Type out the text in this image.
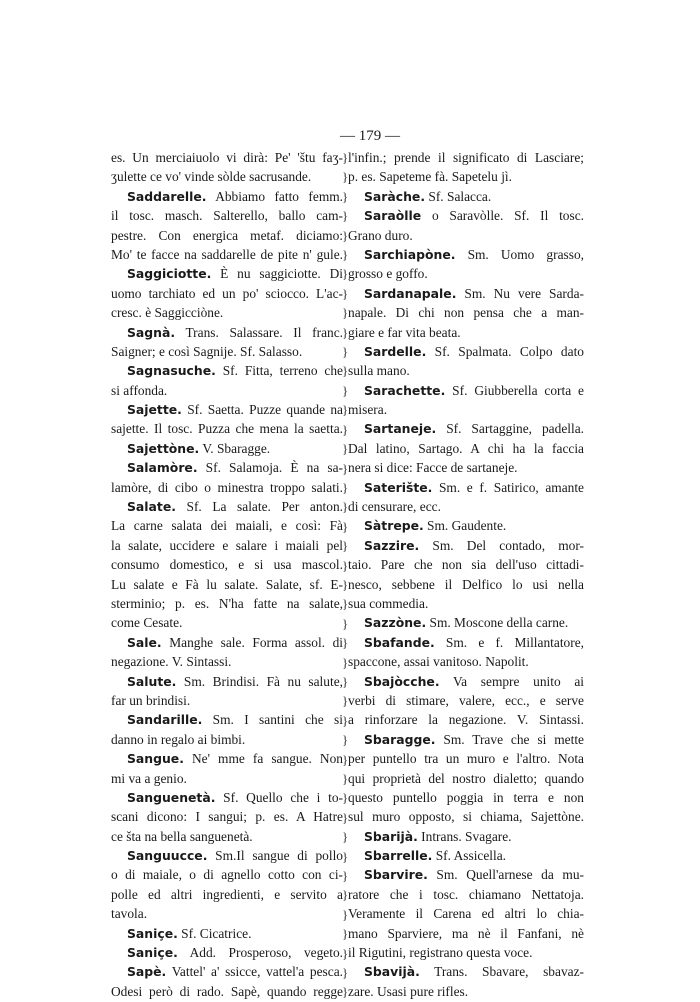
— 179 —
es. Un merciaiuolo vi dirà: Pe' 'štu faʒ-
ʒulette ce vo' vinde sòlde sacrusande.
Saddarelle. Abbiamo fatto femm.
il tosc. masch. Salterello, ballo cam-
pestre. Con energica metaf. diciamo:
Mo' te facce na saddarelle de pite n' gule.
Saggiciotte. È nu saggiciotte. Di
uomo tarchiato ed un po' sciocco. L'ac-
cresc. è Saggicciòne.
Sagnà. Trans. Salassare. Il franc.
Saigner; e così Sagnije. Sf. Salasso.
Sagnasuche. Sf. Fitta, terreno che
si affonda.
Sajette. Sf. Saetta. Puzze quande na
sajette. Il tosc. Puzza che mena la saetta.
Sajettòne. V. Sbaragge.
Salamòre. Sf. Salamoja. È na sa-
lamòre, di cibo o minestra troppo salati.
Salate. Sf. La salate. Per anton.
La carne salata dei maiali, e così: Fà
la salate, uccidere e salare i maiali pel
consumo domestico, e si usa mascol.
Lu salate e Fà lu salate. Salate, sf. E-
sterminio; p. es. N'ha fatte na salate,
come Cesate.
Sale. Manghe sale. Forma assol. di
negazione. V. Sintassi.
Salute. Sm. Brindisi. Fà nu salute,
far un brindisi.
Sandarille. Sm. I santini che si
danno in regalo ai bimbi.
Sangue. Ne' mme fa sangue. Non
mi va a genio.
Sanguenetà. Sf. Quello che i to-
scani dicono: I sangui; p. es. A Hatre
ce šta na bella sanguenetà.
Sanguucce. Sm.Il sangue di pollo
o di maiale, o di agnello cotto con ci-
polle ed altri ingredienti, e servito a
tavola.
Saniçe. Sf. Cicatrice.
Saniçe. Add. Prosperoso, vegeto.
Sapè. Vattel' a' ssicce, vattel'a pesca.
Odesi però di rado. Sapè, quando regge
}
}
}
}
}
}
}
}
}
}
}
}
}
}
}
}
}
}
}
}
}
}
}
}
}
}
}
}
}
}
}
}
}
}
}
}
}
}
}
}
}
}
}
}

l'infin.; prende il significato di Lasciare;
p. es. Sapeteme fà. Sapetelu jì.
Saràche. Sf. Salacca.
Saraòlle o Saravòlle. Sf. Il tosc.
Grano duro.
Sarchiapòne. Sm. Uomo grasso,
grosso e goffo.
Sardanapale. Sm. Nu vere Sarda-
napale. Di chi non pensa che a man-
giare e far vita beata.
Sardelle. Sf. Spalmata. Colpo dato
sulla mano.
Sarachette. Sf. Giubberella corta e
misera.
Sartaneje. Sf. Sartaggine, padella.
Dal latino, Sartago. A chi ha la faccia
nera si dice: Facce de sartaneje.
Saterište. Sm. e f. Satirico, amante
di censurare, ecc.
Sàtrepe. Sm. Gaudente.
Sazzire. Sm. Del contado, mor-
taio. Pare che non sia dell'uso cittadi-
nesco, sebbene il Delfico lo usi nella
sua commedia.
Sazzòne. Sm. Moscone della carne.
Sbafande. Sm. e f. Millantatore,
spaccone, assai vanitoso. Napolit.
Sbajòcche. Va sempre unito ai
verbi di stimare, valere, ecc., e serve
a rinforzare la negazione. V. Sintassi.
Sbaragge. Sm. Trave che si mette
per puntello tra un muro e l'altro. Nota
qui proprietà del nostro dialetto; quando
questo puntello poggia in terra e non
sul muro opposto, si chiama, Sajettòne.
Sbarijà. Intrans. Svagare.
Sbarrelle. Sf. Assicella.
Sbarvire. Sm. Quell'arnese da mu-
ratore che i tosc. chiamano Nettatoja.
Veramente il Carena ed altri lo chia-
mano Sparviere, ma nè il Fanfani, nè
il Rigutini, registrano questa voce.
Sbavijà. Trans. Sbavare, sbavaz-
zare. Usasi pure rifles.
